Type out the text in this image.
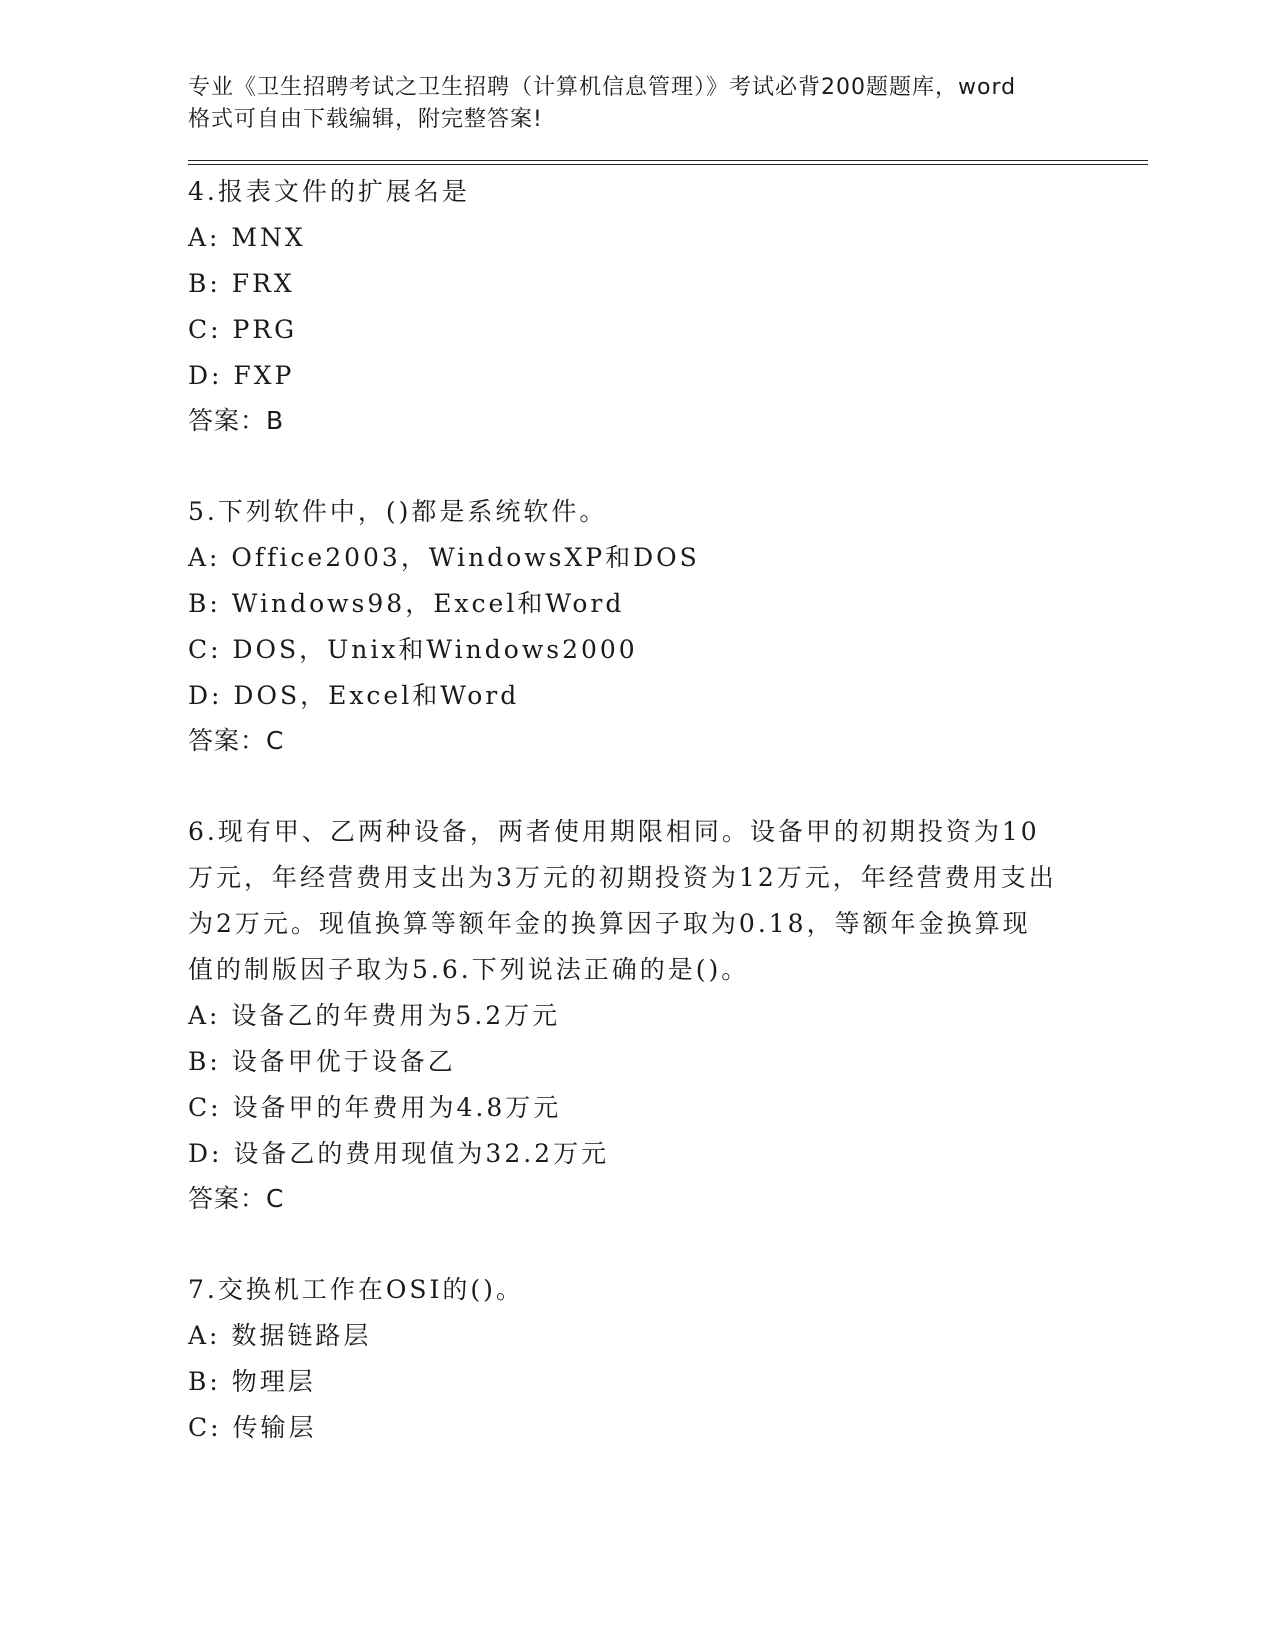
专业《卫生招聘考试之卫生招聘（计算机信息管理）》考试必背200题题库，word
格式可自由下载编辑，附完整答案!

4.报表文件的扩展名是

A: MNX

B: FRX

C: PRG

D: FXP

答案：B

5.下列软件中，()都是系统软件。

A: Office2003，WindowsXP和DOS

B: Windows98，Excel和Word

C: DOS，Unix和Windows2000

D: DOS，Excel和Word

答案：C

6.现有甲、乙两种设备，两者使用期限相同。设备甲的初期投资为10万元，年经营费用支出为3万元的初期投资为12万元，年经营费用支出为2万元。现值换算等额年金的换算因子取为0.18，等额年金换算现值的制版因子取为5.6.下列说法正确的是()。

A: 设备乙的年费用为5.2万元

B: 设备甲优于设备乙

C: 设备甲的年费用为4.8万元

D: 设备乙的费用现值为32.2万元

答案：C

7.交换机工作在OSI的()。

A: 数据链路层

B: 物理层

C: 传输层
